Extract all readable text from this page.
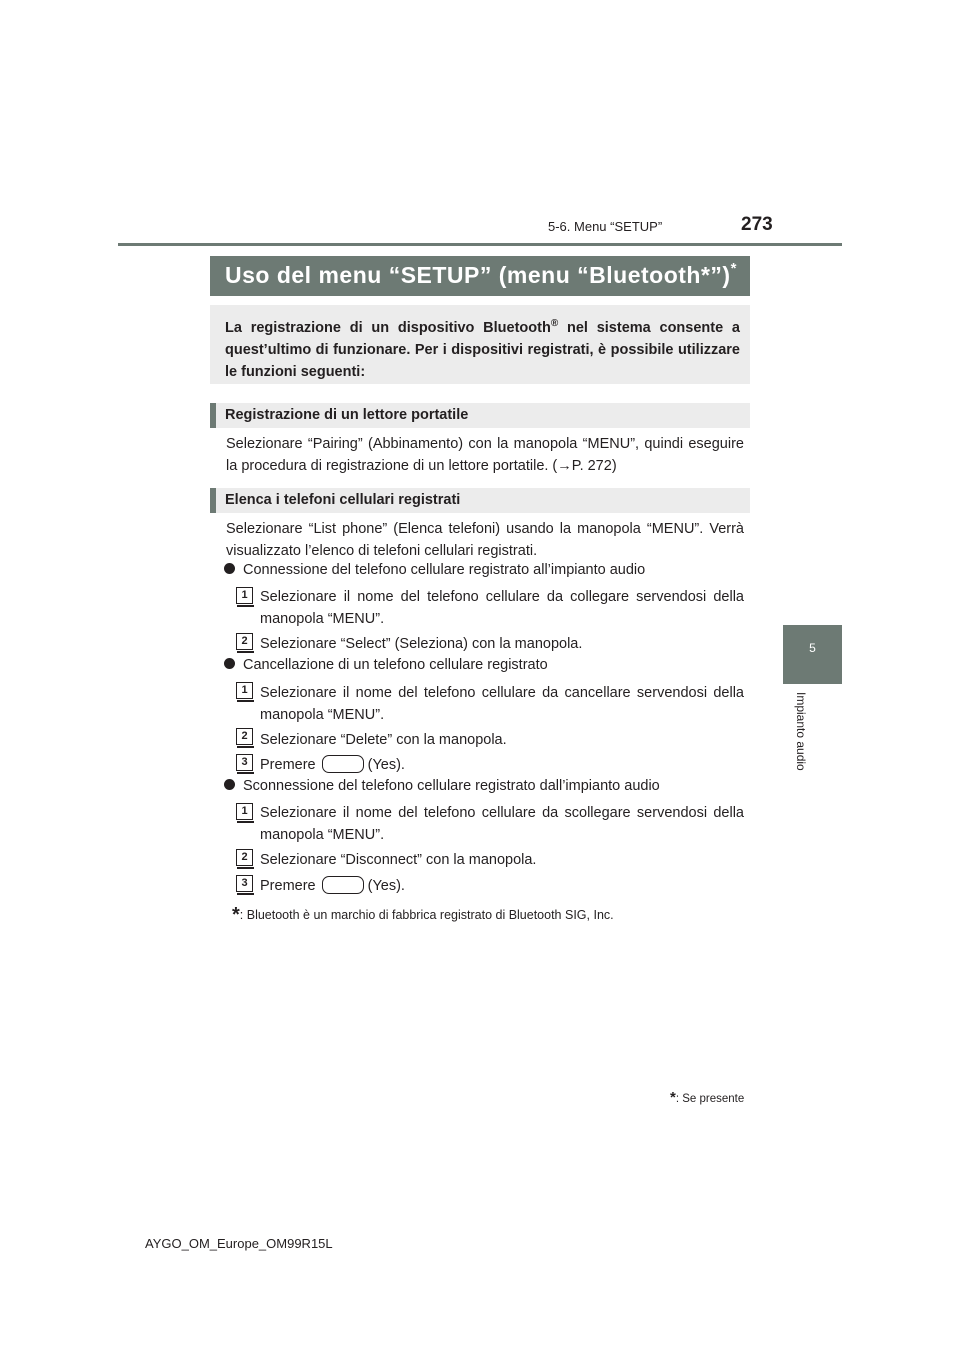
5-6. Menu “SETUP”	273
5
Impianto audio
Uso del menu “SETUP” (menu “Bluetooth*”)*
La registrazione di un dispositivo Bluetooth® nel sistema consente a quest’ultimo di funzionare. Per i dispositivi registrati, è possibile utilizzare le funzioni seguenti:
Registrazione di un lettore portatile
Selezionare “Pairing” (Abbinamento) con la manopola “MENU”, quindi eseguire la procedura di registrazione di un lettore portatile. (→P. 272)
Elenca i telefoni cellulari registrati
Selezionare “List phone” (Elenca telefoni) usando la manopola “MENU”. Verrà visualizzato l’elenco di telefoni cellulari registrati.
Connessione del telefono cellulare registrato all’impianto audio
1 Selezionare il nome del telefono cellulare da collegare servendosi della manopola “MENU”.
2 Selezionare “Select” (Seleziona) con la manopola.
Cancellazione di un telefono cellulare registrato
1 Selezionare il nome del telefono cellulare da cancellare servendosi della manopola “MENU”.
2 Selezionare “Delete” con la manopola.
3 Premere	(Yes).
Sconnessione del telefono cellulare registrato dall’impianto audio
1 Selezionare il nome del telefono cellulare da scollegare servendosi della manopola “MENU”.
2 Selezionare “Disconnect” con la manopola.
3 Premere	(Yes).
*: Bluetooth è un marchio di fabbrica registrato di Bluetooth SIG, Inc.
*: Se presente
AYGO_OM_Europe_OM99R15L
